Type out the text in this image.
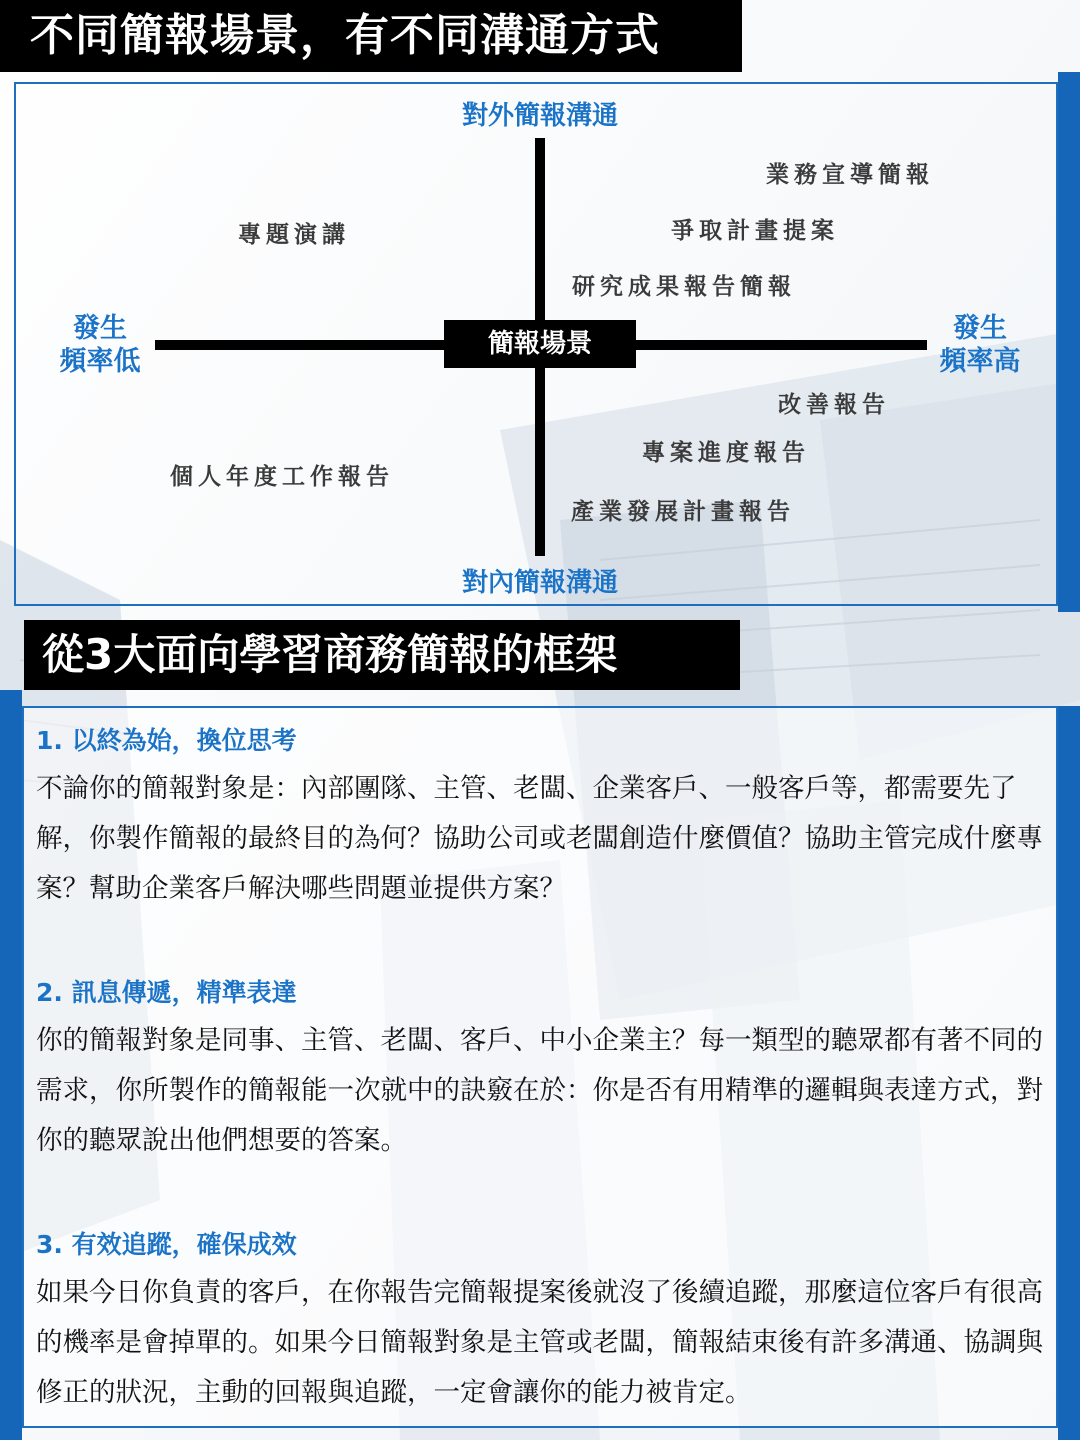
不同簡報場景，有不同溝通方式
對外簡報溝通
對內簡報溝通
發生
頻率低
發生
頻率高
簡報場景
業務宣導簡報
爭取計畫提案
研究成果報告簡報
專題演講
改善報告
專案進度報告
產業發展計畫報告
個人年度工作報告
從3大面向學習商務簡報的框架
1. 以終為始，換位思考

不論你的簡報對象是：內部團隊、主管、老闆、企業客戶、一般客戶等，都需要先了解，你製作簡報的最終目的為何？協助公司或老闆創造什麼價值？協助主管完成什麼專案？幫助企業客戶解決哪些問題並提供方案？

2. 訊息傳遞，精準表達

你的簡報對象是同事、主管、老闆、客戶、中小企業主？每一類型的聽眾都有著不同的需求，你所製作的簡報能一次就中的訣竅在於：你是否有用精準的邏輯與表達方式，對你的聽眾說出他們想要的答案。

3. 有效追蹤，確保成效

如果今日你負責的客戶，在你報告完簡報提案後就沒了後續追蹤，那麼這位客戶有很高的機率是會掉單的。如果今日簡報對象是主管或老闆，簡報結束後有許多溝通、協調與修正的狀況，主動的回報與追蹤，一定會讓你的能力被肯定。
